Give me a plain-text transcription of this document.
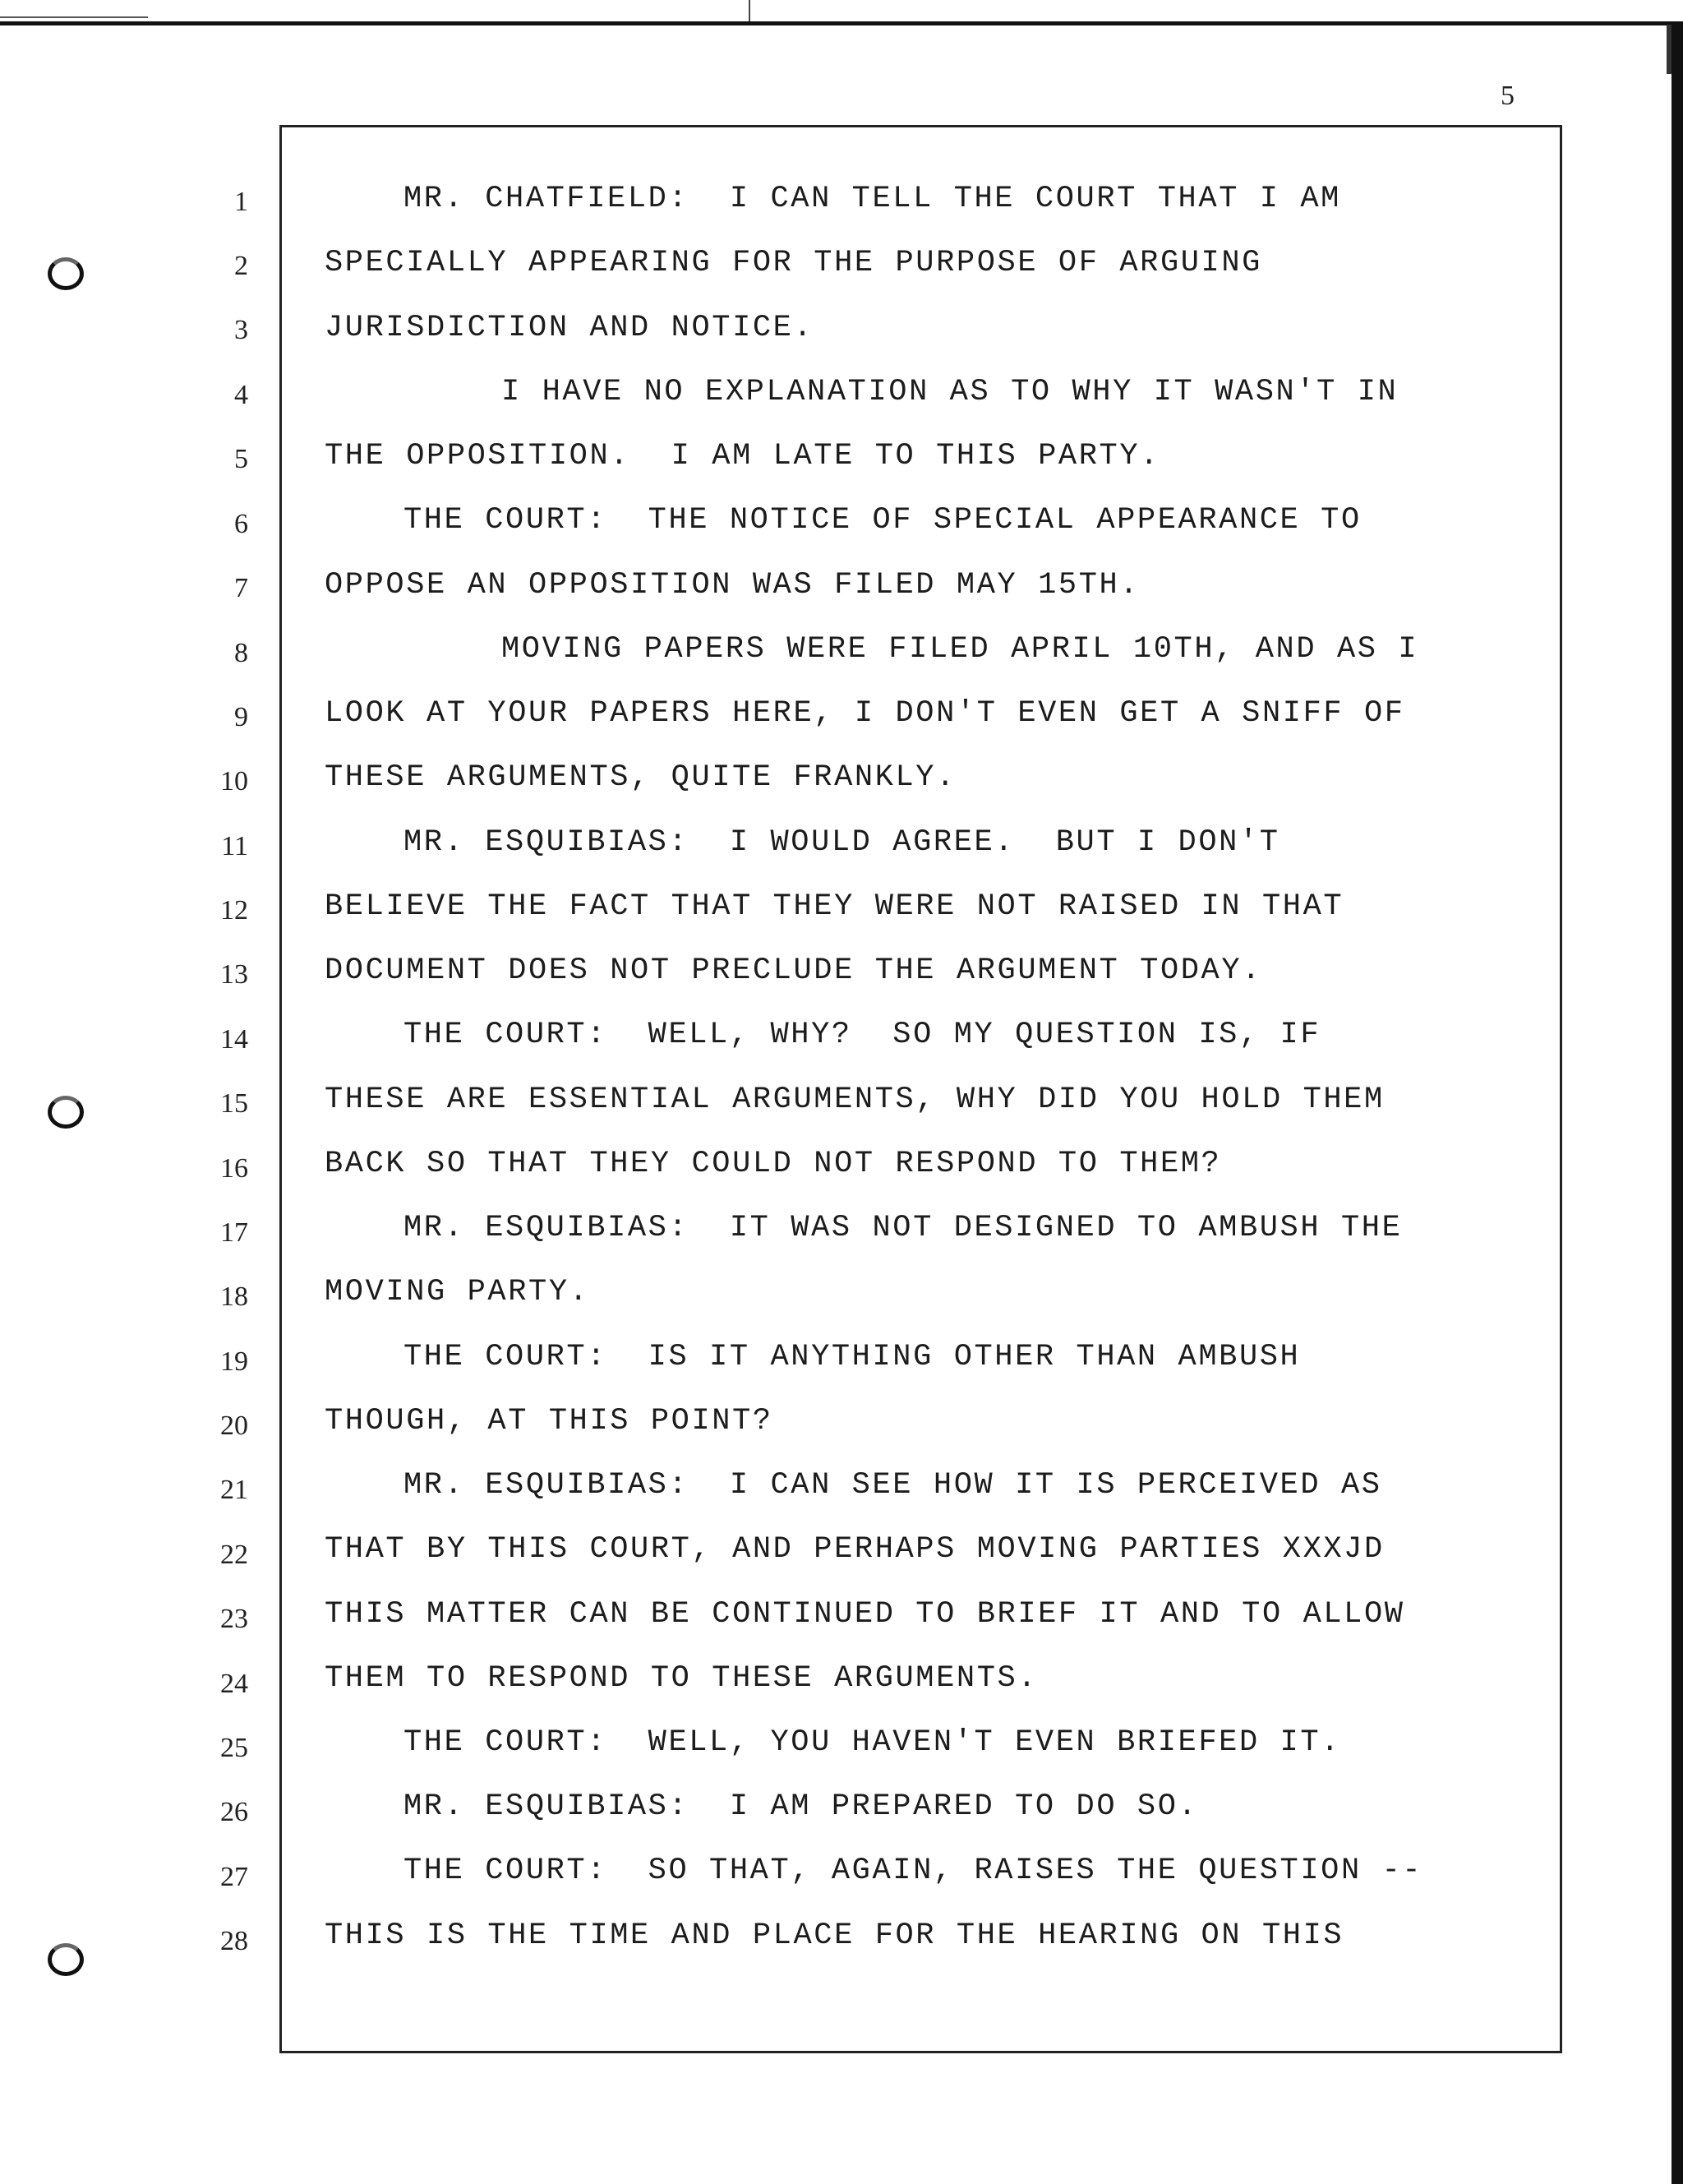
5
1	MR. CHATFIELD:  I CAN TELL THE COURT THAT I AM
2	SPECIALLY APPEARING FOR THE PURPOSE OF ARGUING
3	JURISDICTION AND NOTICE.
4	I HAVE NO EXPLANATION AS TO WHY IT WASN'T IN
5	THE OPPOSITION.  I AM LATE TO THIS PARTY.
6	THE COURT:  THE NOTICE OF SPECIAL APPEARANCE TO
7	OPPOSE AN OPPOSITION WAS FILED MAY 15TH.
8	MOVING PAPERS WERE FILED APRIL 10TH, AND AS I
9	LOOK AT YOUR PAPERS HERE, I DON'T EVEN GET A SNIFF OF
10	THESE ARGUMENTS, QUITE FRANKLY.
11	MR. ESQUIBIAS:  I WOULD AGREE.  BUT I DON'T
12	BELIEVE THE FACT THAT THEY WERE NOT RAISED IN THAT
13	DOCUMENT DOES NOT PRECLUDE THE ARGUMENT TODAY.
14	THE COURT:  WELL, WHY?  SO MY QUESTION IS, IF
15	THESE ARE ESSENTIAL ARGUMENTS, WHY DID YOU HOLD THEM
16	BACK SO THAT THEY COULD NOT RESPOND TO THEM?
17	MR. ESQUIBIAS:  IT WAS NOT DESIGNED TO AMBUSH THE
18	MOVING PARTY.
19	THE COURT:  IS IT ANYTHING OTHER THAN AMBUSH
20	THOUGH, AT THIS POINT?
21	MR. ESQUIBIAS:  I CAN SEE HOW IT IS PERCEIVED AS
22	THAT BY THIS COURT, AND PERHAPS MOVING PARTIES XXXJD
23	THIS MATTER CAN BE CONTINUED TO BRIEF IT AND TO ALLOW
24	THEM TO RESPOND TO THESE ARGUMENTS.
25	THE COURT:  WELL, YOU HAVEN'T EVEN BRIEFED IT.
26	MR. ESQUIBIAS:  I AM PREPARED TO DO SO.
27	THE COURT:  SO THAT, AGAIN, RAISES THE QUESTION --
28	THIS IS THE TIME AND PLACE FOR THE HEARING ON THIS
